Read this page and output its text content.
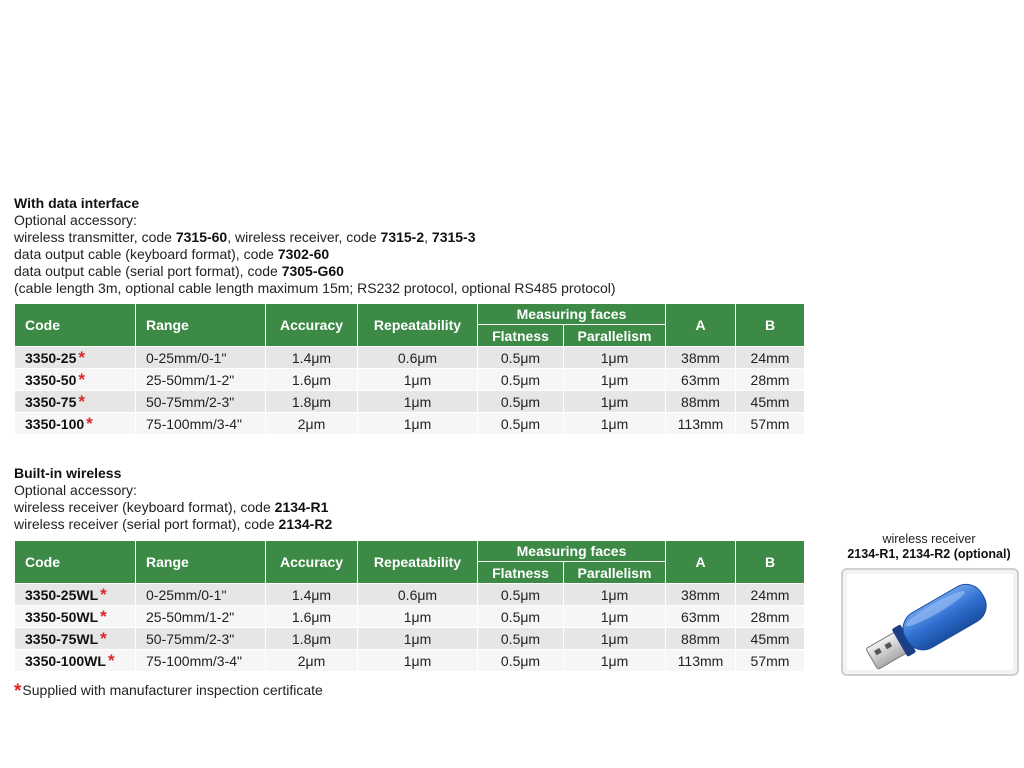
With data interface
Optional accessory:
wireless transmitter, code 7315-60, wireless receiver, code 7315-2, 7315-3
data output cable (keyboard format), code 7302-60
data output cable (serial port format), code 7305-G60
(cable length 3m, optional cable length maximum 15m; RS232 protocol, optional RS485 protocol)
Code	Range	Accuracy	Repeatability	Measuring faces		A	B
				Flatness	Parallelism		
3350-25 *	0-25mm/0-1"	1.4μm	0.6μm	0.5μm	1μm	38mm	24mm
3350-50 *	25-50mm/1-2"	1.6μm	1μm	0.5μm	1μm	63mm	28mm
3350-75 *	50-75mm/2-3"	1.8μm	1μm	0.5μm	1μm	88mm	45mm
3350-100 *	75-100mm/3-4"	2μm	1μm	0.5μm	1μm	113mm	57mm
Built-in wireless
Optional accessory:
wireless receiver (keyboard format), code 2134-R1
wireless receiver (serial port format), code 2134-R2
Code	Range	Accuracy	Repeatability	Measuring faces		A	B
				Flatness	Parallelism		
3350-25WL *	0-25mm/0-1"	1.4μm	0.6μm	0.5μm	1μm	38mm	24mm
3350-50WL *	25-50mm/1-2"	1.6μm	1μm	0.5μm	1μm	63mm	28mm
3350-75WL *	50-75mm/2-3"	1.8μm	1μm	0.5μm	1μm	88mm	45mm
3350-100WL *	75-100mm/3-4"	2μm	1μm	0.5μm	1μm	113mm	57mm
*Supplied with manufacturer inspection certificate
wireless receiver
2134-R1, 2134-R2 (optional)
